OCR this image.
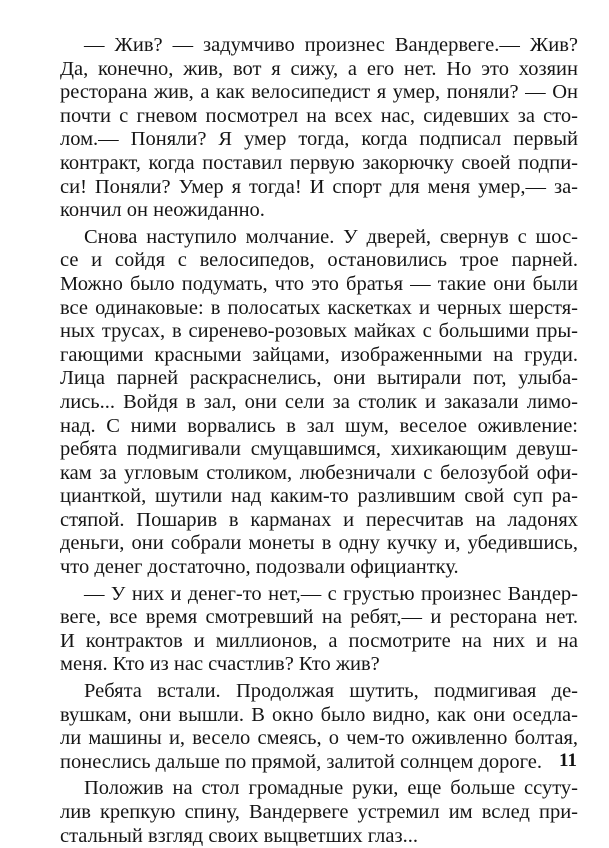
— Жив? — задумчиво произнес Вандервеге.— Жив?
Да, конечно, жив, вот я сижу, а его нет. Но это хозяин
ресторана жив, а как велосипедист я умер, поняли? — Он
почти с гневом посмотрел на всех нас, сидевших за сто-
лом.— Поняли? Я умер тогда, когда подписал первый
контракт, когда поставил первую закорючку своей подпи-
си! Поняли? Умер я тогда! И спорт для меня умер,— за-
кончил он неожиданно.
Снова наступило молчание. У дверей, свернув с шос-
се и сойдя с велосипедов, остановились трое парней.
Можно было подумать, что это братья — такие они были
все одинаковые: в полосатых каскетках и черных шерстя-
ных трусах, в сиренево-розовых майках с большими пры-
гающими красными зайцами, изображенными на груди.
Лица парней раскраснелись, они вытирали пот, улыба-
лись... Войдя в зал, они сели за столик и заказали лимо-
над. С ними ворвались в зал шум, веселое оживление:
ребята подмигивали смущавшимся, хихикающим девуш-
кам за угловым столиком, любезничали с белозубой офи-
цианткой, шутили над каким-то разлившим свой суп ра-
стяпой. Пошарив в карманах и пересчитав на ладонях
деньги, они собрали монеты в одну кучку и, убедившись,
что денег достаточно, подозвали официантку.
— У них и денег-то нет,— с грустью произнес Вандер-
веге, все время смотревший на ребят,— и ресторана нет.
И контрактов и миллионов, а посмотрите на них и на
меня. Кто из нас счастлив? Кто жив?
Ребята встали. Продолжая шутить, подмигивая де-
вушкам, они вышли. В окно было видно, как они оседла-
ли машины и, весело смеясь, о чем-то оживленно болтая,
понеслись дальше по прямой, залитой солнцем дороге.
Положив на стол громадные руки, еще больше ссуту-
лив крепкую спину, Вандервеге устремил им вслед при-
стальный взгляд своих выцветших глаз...
11
